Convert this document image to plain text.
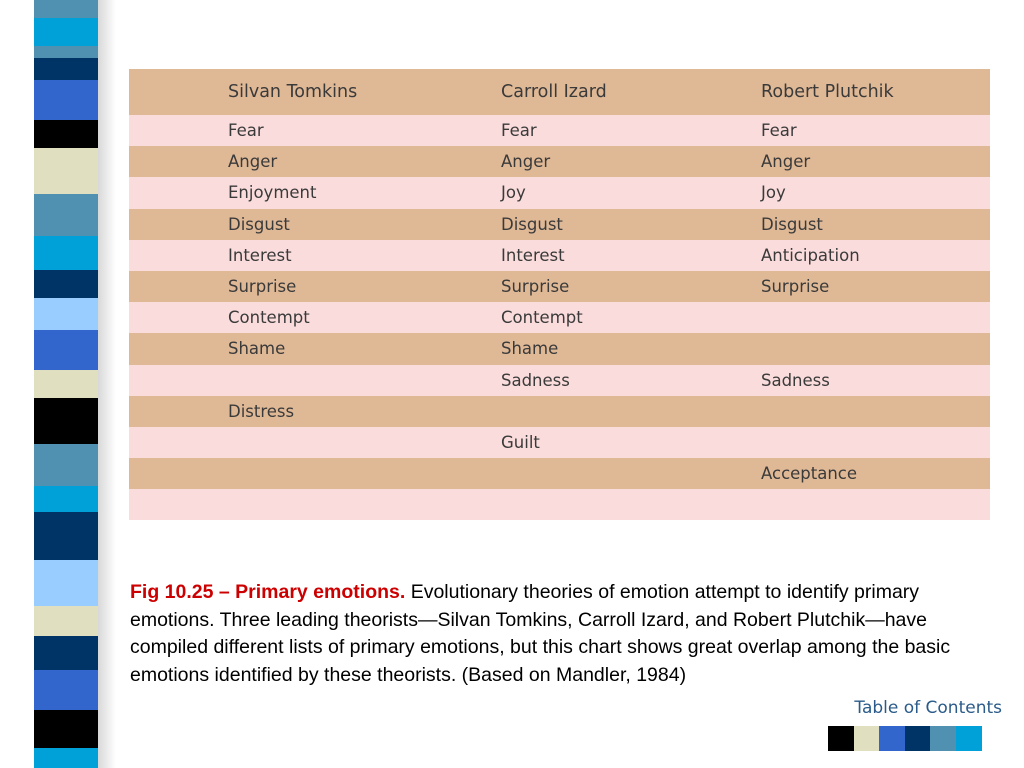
Silvan Tomkins	Carroll Izard	Robert Plutchik
Fear	Fear	Fear
Anger	Anger	Anger
Enjoyment	Joy	Joy
Disgust	Disgust	Disgust
Interest	Interest	Anticipation
Surprise	Surprise	Surprise
Contempt	Contempt	
Shame	Shame	
	Sadness	Sadness
Distress		
	Guilt	
		Acceptance

Fig 10.25 – Primary emotions. Evolutionary theories of emotion attempt to identify primary emotions. Three leading theorists—Silvan Tomkins, Carroll Izard, and Robert Plutchik—have compiled different lists of primary emotions, but this chart shows great overlap among the basic emotions identified by these theorists. (Based on Mandler, 1984)
Table of Contents
